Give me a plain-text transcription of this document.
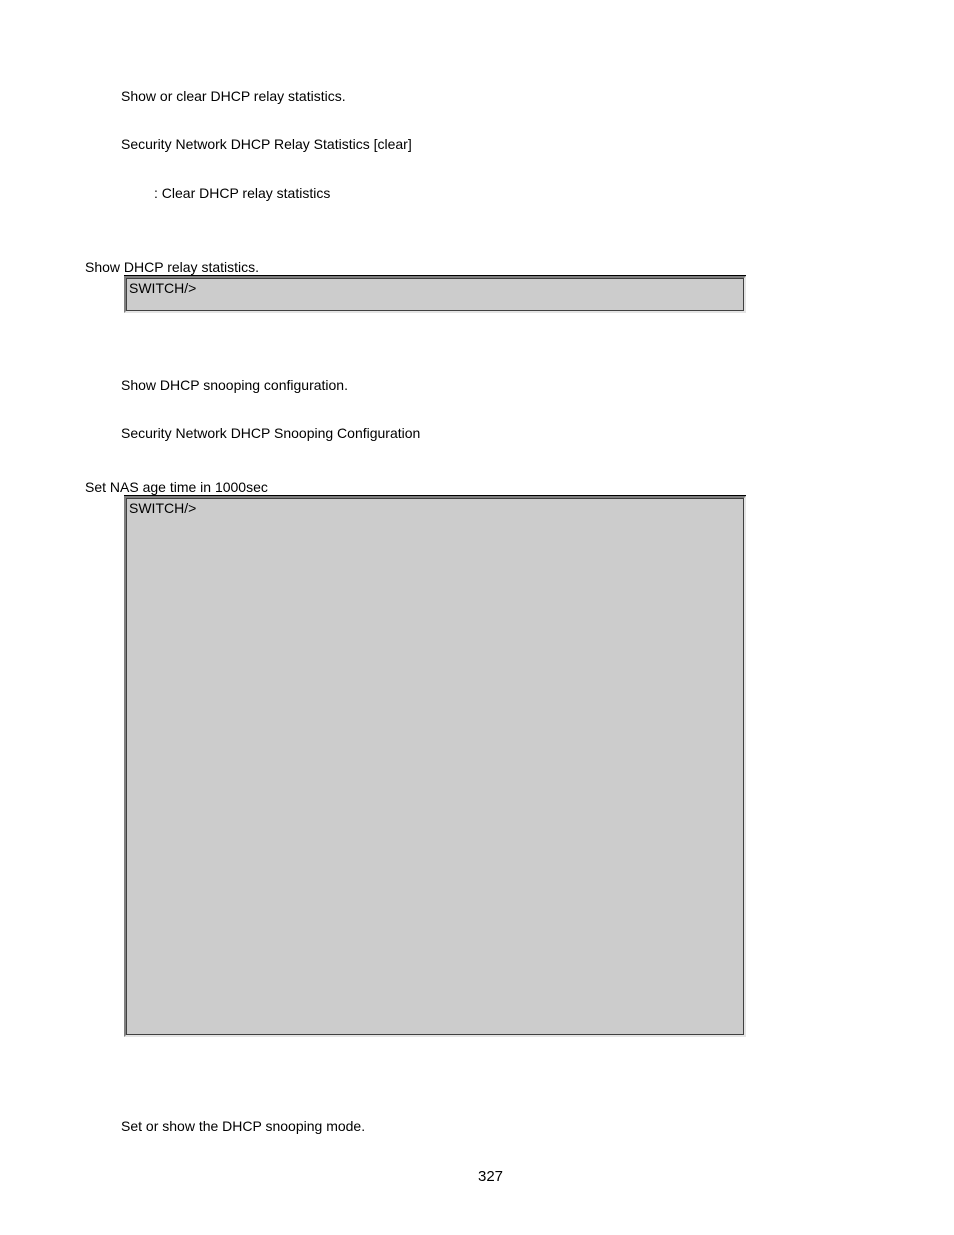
Show or clear DHCP relay statistics.
Security Network DHCP Relay Statistics [clear]
: Clear DHCP relay statistics
Show DHCP relay statistics.
SWITCH/>
Show DHCP snooping configuration.
Security Network DHCP Snooping Configuration
Set NAS age time in 1000sec
SWITCH/>
Set or show the DHCP snooping mode.
327
